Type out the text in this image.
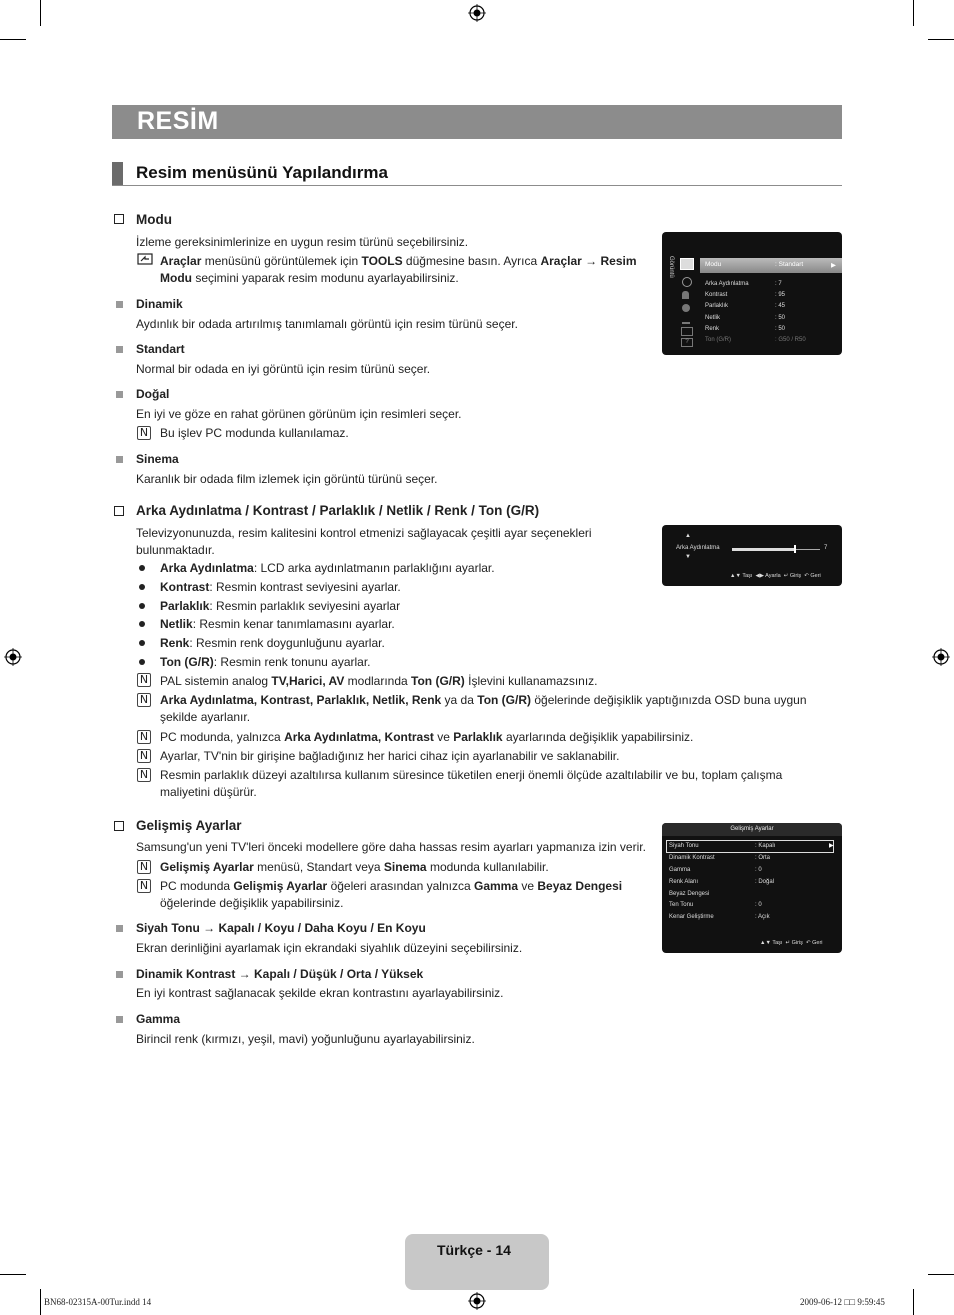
RESİM
Resim menüsünü Yapılandırma
Modu
İzleme gereksinimlerinize en uygun resim türünü seçebilirsiniz.
Araçlar menüsünü görüntülemek için TOOLS düğmesine basın. Ayrıca Araçlar → Resim
Modu seçimini yaparak resim modunu ayarlayabilirsiniz.
Dinamik
Aydınlık bir odada artırılmış tanımlamalı görüntü için resim türünü seçer.
Standart
Normal bir odada en iyi görüntü için resim türünü seçer.
Doğal
En iyi ve göze en rahat görünen görünüm için resimleri seçer.
N Bu işlev PC modunda kullanılamaz.
Sinema
Karanlık bir odada film izlemek için görüntü türünü seçer.
Görüntü
?
Modu	: Standart	▶
Arka Aydınlatma	: 7
Kontrast	: 95
Parlaklık	: 45
Netlik	: 50
Renk	: 50
Ton (G/R)	: G50 / R50
Arka Aydınlatma / Kontrast / Parlaklık / Netlik / Renk / Ton (G/R)
Televizyonunuzda, resim kalitesini kontrol etmenizi sağlayacak çeşitli ayar seçenekleri
bulunmaktadır.
Arka Aydınlatma: LCD arka aydınlatmanın parlaklığını ayarlar.
Kontrast: Resmin kontrast seviyesini ayarlar.
Parlaklık: Resmin parlaklık seviyesini ayarlar
Netlik: Resmin kenar tanımlamasını ayarlar.
Renk: Resmin renk doygunluğunu ayarlar.
Ton (G/R): Resmin renk tonunu ayarlar.
N PAL sistemin analog TV,Harici, AV modlarında Ton (G/R) İşlevini kullanamazsınız.
N Arka Aydınlatma, Kontrast, Parlaklık, Netlik, Renk ya da Ton (G/R) öğelerinde değişiklik yaptığınızda OSD buna uygun
şekilde ayarlanır.
N PC modunda, yalnızca Arka Aydınlatma, Kontrast ve Parlaklık ayarlarında değişiklik yapabilirsiniz.
N Ayarlar, TV'nin bir girişine bağladığınız her harici cihaz için ayarlanabilir ve saklanabilir.
N Resmin parlaklık düzeyi azaltılırsa kullanım süresince tüketilen enerji önemli ölçüde azaltılabilir ve bu, toplam çalışma
maliyetini düşürür.
▲
Arka Aydınlatma
▼
7
▲▼ Taşı  ◀▶ Ayarla  ↵ Giriş  ↶ Geri
Gelişmiş Ayarlar
Samsung'un yeni TV'leri önceki modellere göre daha hassas resim ayarları yapmanıza izin verir.
N Gelişmiş Ayarlar menüsü, Standart veya Sinema modunda kullanılabilir.
N PC modunda Gelişmiş Ayarlar öğeleri arasından yalnızca Gamma ve Beyaz Dengesi
öğelerinde değişiklik yapabilirsiniz.
Siyah Tonu → Kapalı / Koyu / Daha Koyu / En Koyu
Ekran derinliğini ayarlamak için ekrandaki siyahlık düzeyini seçebilirsiniz.
Dinamik Kontrast → Kapalı / Düşük / Orta / Yüksek
En iyi kontrast sağlanacak şekilde ekran kontrastını ayarlayabilirsiniz.
Gamma
Birincil renk (kırmızı, yeşil, mavi) yoğunluğunu ayarlayabilirsiniz.
Gelişmiş Ayarlar
▶
Siyah Tonu	: Kapalı
Dinamik Kontrast	: Orta
Gamma	: 0
Renk Alanı	: Doğal
Beyaz Dengesi
Ten Tonu	: 0
Kenar Geliştirme	: Açık
▲▼ Taşı  ↵ Giriş  ↶ Geri
Türkçe - 14
BN68-02315A-00Tur.indd 14	2009-06-12 □□ 9:59:45
